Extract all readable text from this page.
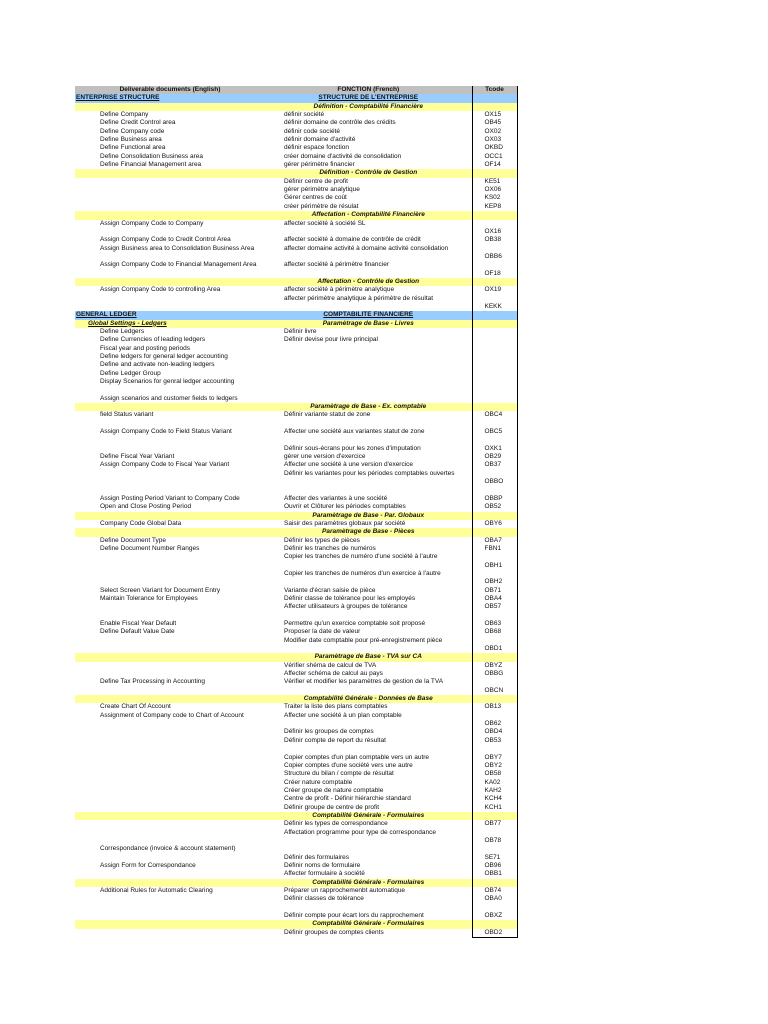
Deliverable documents (English)	FONCTION (French)	Tcode
ENTERPRISE STRUCTURE	STRUCTURE DE L'ENTREPRISE	
	Définition - Comptabilité Financière	
Define Company	définir société	OX15
Define Credit Control area	définir domaine de contrôle des crédits	OB45
Define Company code	définir code société	OX02
Define Business area	définir domaine d'activité	OX03
Define Functional area	définir espace fonction	OKBD
Define Consolidation Business area	créer domaine d'activité de consolidation	OCC1
Define Financial Management area	gérer périmètre financier	OF14
	Définition - Contrôle de Gestion	
	Définir centre de profit	KE51
	gérer périmètre analytique	OX06
	Gérer centres de coût	KS02
	créer périmètre de résulat	KEP8
	Affectation - Comptabilité Financière	
Assign Company Code to Company	affecter société à société SL	OX16
Assign Company Code to Credit Control Area	affecter société à domaine de contrôle de crédit	OB38
Assign Business area to Consolidation Business Area	affecter domaine activité à domaine activité consolidation	OBB6
Assign Company Code to Financial Management Area	affecter société à périmètre financier	OF18
	Affectation - Contrôle de Gestion	
Assign Company Code to controlling Area	affecter société à périmètre analytique	OX19
	affecter périmètre analytique à périmètre de résultat	KEKK
GENERAL LEDGER	COMPTABILITE FINANCIERE	
Global Settings - Ledgers	Paramètrage de Base - Livres	
Define Ledgers	Définir livre	
Define Currencies of leading ledgers	Définir devise pour livre principal	
Fiscal year and posting periods		
Define ledgers for general ledger accounting		
Define and activate non-leading ledgers		
Define Ledger Group		
Display Scenarios for genral ledger accounting		

Assign scenarios and customer fields to ledgers		
	Paramètrage de Base - Ex. comptable	
field Status variant	Définir variante statut de zone	OBC4

Assign Company Code to Field Status Variant	Affecter une société aux variantes statut de zone	OBC5

	Définir sous-écrans pour les zones d'imputation	OXK1
Define Fiscal Year Variant	gérer une version d'exercice	OB29
Assign Company Code to Fiscal Year Variant	Affecter une société à une version d'exercice	OB37
	Définir les variantes pour les périodes comptables ouvertes	OBBO

Assign Posting Period Variant to Company Code	Affecter des variantes à une société	OBBP
Open and Close Posting Period	Ouvrir et Clôturer les périodes comptables	OB52
	Paramètrage de Base - Par. Globaux	
Company Code Global Data	Saisir des paramètres globaux par société	OBY6
	Paramètrage de Base - Pièces	
Define Document Type	Définir les types de pièces	OBA7
Define Document Number Ranges	Définir les tranches de numéros	FBN1
	Copier les tranches de numéro d'une société à l'autre	OBH1
	Copier les tranches de numéros d'un exercice à l'autre	OBH2
Select Screen Variant for Document Entry	Variante d'écran saisie de pièce	OB71
Maintain Tolerance for Employees	Définir classe de tolérance pour les employés	OBA4
	Affecter utilisateurs à groupes de tolérance	OB57

Enable Fiscal Year Default	Permettre qu'un exercice comptable soit proposé	OB63
Define Default Value Date	Proposer la date de valeur	OB68
	Modifier date comptable pour pré-enregistrement pièce	OBD1
	Paramètrage de Base - TVA sur CA	
	Vérifier shéma de calcul de TVA	OBYZ
	Affecter schéma de calcul au pays	OBBG
Define Tax Processing in Accounting	Vérifier et modifier les paramètres de gestion de la TVA	OBCN
	Comptabilité Générale - Données de Base	
Create Chart Of Account	Traiter la liste des plans comptables	OB13
Assignment of Company code to Chart of Account	Affecter une société à un plan comptable	OB62
	Définir les groupes de comptes	OBD4
	Définir compte de report du résultat	OB53

	Copier comptes d'un plan comptable vers un autre	OBY7
	Copier comptes d'une société vers une autre	OBY2
	Structure du bilan / compte de résultat	OB58
	Créer nature comptable	KA02
	Créer groupe de nature comptable	KAH2
	Centre de profit - Définir hiérarchie standard	KCH4
	Définir groupe de centre de profit	KCH1
	Comptabilité Générale - Formulaires	
	Définir les types de correspondance	OB77
	Affectation programme pour type de correspondance	OB78
Correspondance (invoice & account statement)		
	Définir des formulaires	SE71
Assign Form for Correspondance	Définir noms de formulaire	OB96
	Affecter formulaire à société	OBB1
	Comptabilité Générale - Formulaires	
Additional Rules for Automatic Clearing	Préparer un rapprochemenbt automatique	OB74
	Définir classes de tolérance	OBA0

	Définir compte pour écart lors du rapprochement	OBXZ
	Comptabilité Générale - Formulaires	
	Définir groupes de comptes clients	OBD2
